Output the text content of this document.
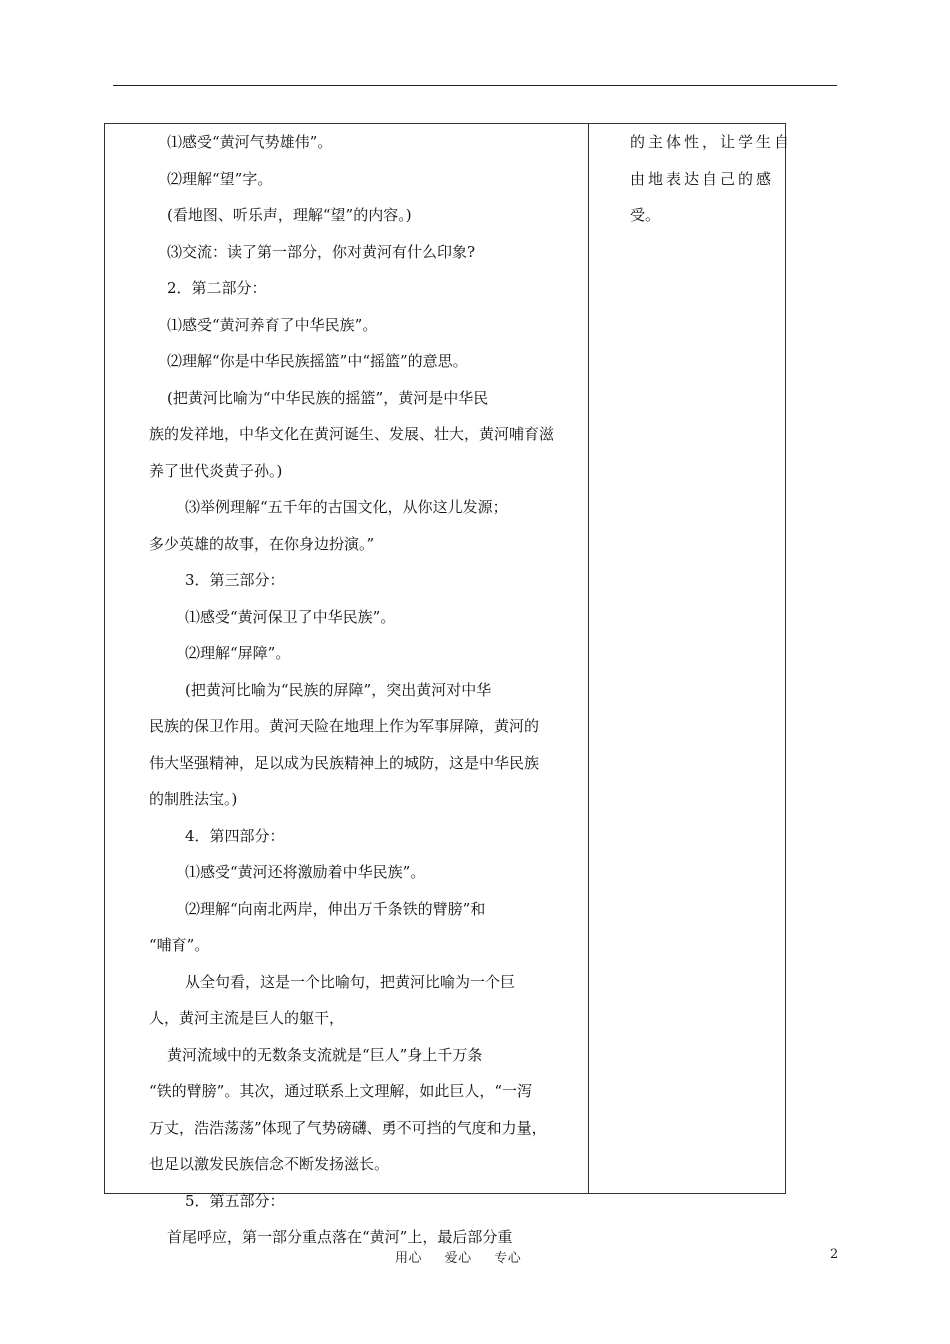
⑴感受“黄河气势雄伟”。

⑵理解“望”字。

(看地图、听乐声，理解“望”的内容。)

⑶交流：读了第一部分，你对黄河有什么印象?

2．第二部分：

⑴感受“黄河养育了中华民族”。

⑵理解“你是中华民族摇篮”中“摇篮”的意思。

(把黄河比喻为“中华民族的摇篮”，黄河是中华民

族的发祥地，中华文化在黄河诞生、发展、壮大，黄河哺育滋

养了世代炎黄子孙。)

⑶举例理解“五千年的古国文化，从你这儿发源；

多少英雄的故事，在你身边扮演。”

3．第三部分：

⑴感受“黄河保卫了中华民族”。

⑵理解“屏障”。

(把黄河比喻为“民族的屏障”，突出黄河对中华

民族的保卫作用。黄河天险在地理上作为军事屏障，黄河的

伟大坚强精神，足以成为民族精神上的城防，这是中华民族

的制胜法宝。)

4．第四部分：

⑴感受“黄河还将激励着中华民族”。

⑵理解“向南北两岸，伸出万千条铁的臂膀”和

“哺育”。

从全句看，这是一个比喻句，把黄河比喻为一个巨

人，黄河主流是巨人的躯干，

黄河流域中的无数条支流就是“巨人”身上千万条

“铁的臂膀”。其次，通过联系上文理解，如此巨人，“一泻

万丈，浩浩荡荡”体现了气势磅礴、勇不可挡的气度和力量，

也足以激发民族信念不断发扬滋长。

5．第五部分：

首尾呼应，第一部分重点落在“黄河”上，最后部分重

的主体性，让学生自

由地表达自己的感

受。

用心 爱心 专心	2
